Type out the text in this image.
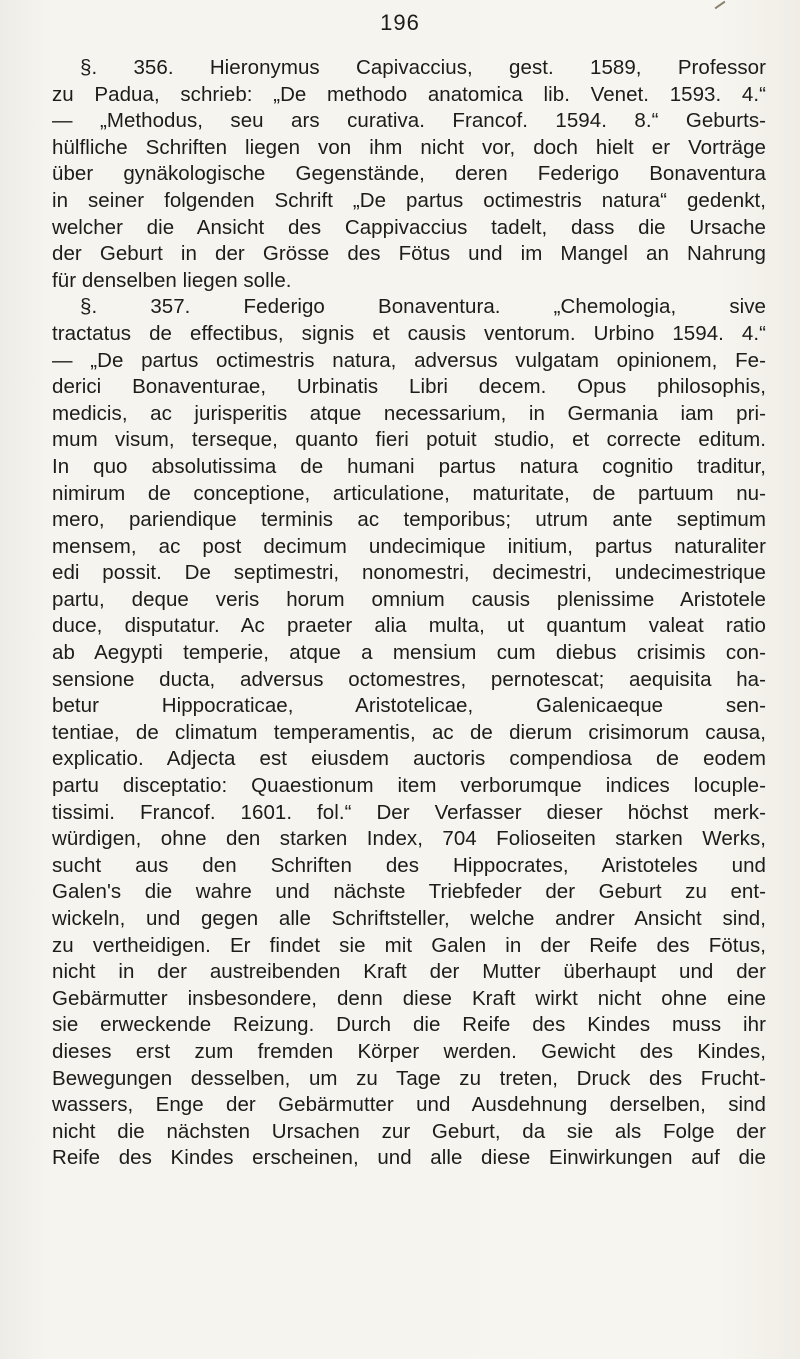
196
§. 356. Hieronymus Capivaccius, gest. 1589, Professor
zu Padua, schrieb: „De methodo anatomica lib. Venet. 1593. 4.“
— „Methodus, seu ars curativa. Francof. 1594. 8.“ Geburts-
hülfliche Schriften liegen von ihm nicht vor, doch hielt er Vorträge
über gynäkologische Gegenstände, deren Federigo Bonaventura
in seiner folgenden Schrift „De partus octimestris natura“ gedenkt,
welcher die Ansicht des Cappivaccius tadelt, dass die Ursache
der Geburt in der Grösse des Fötus und im Mangel an Nahrung
für denselben liegen solle.
§. 357. Federigo Bonaventura. „Chemologia, sive
tractatus de effectibus, signis et causis ventorum. Urbino 1594. 4.“
— „De partus octimestris natura, adversus vulgatam opinionem, Fe-
derici Bonaventurae, Urbinatis Libri decem. Opus philosophis,
medicis, ac jurisperitis atque necessarium, in Germania iam pri-
mum visum, terseque, quanto fieri potuit studio, et correcte editum.
In quo absolutissima de humani partus natura cognitio traditur,
nimirum de conceptione, articulatione, maturitate, de partuum nu-
mero, pariendique terminis ac temporibus; utrum ante septimum
mensem, ac post decimum undecimique initium, partus naturaliter
edi possit. De septimestri, nonomestri, decimestri, undecimestrique
partu, deque veris horum omnium causis plenissime Aristotele
duce, disputatur. Ac praeter alia multa, ut quantum valeat ratio
ab Aegypti temperie, atque a mensium cum diebus crisimis con-
sensione ducta, adversus octomestres, pernotescat; aequisita ha-
betur Hippocraticae, Aristotelicae, Galenicaeque sen-
tentiae, de climatum temperamentis, ac de dierum crisimorum causa,
explicatio. Adjecta est eiusdem auctoris compendiosa de eodem
partu disceptatio: Quaestionum item verborumque indices locuple-
tissimi. Francof. 1601. fol.“ Der Verfasser dieser höchst merk-
würdigen, ohne den starken Index, 704 Folioseiten starken Werks,
sucht aus den Schriften des Hippocrates, Aristoteles und
Galen's die wahre und nächste Triebfeder der Geburt zu ent-
wickeln, und gegen alle Schriftsteller, welche andrer Ansicht sind,
zu vertheidigen. Er findet sie mit Galen in der Reife des Fötus,
nicht in der austreibenden Kraft der Mutter überhaupt und der
Gebärmutter insbesondere, denn diese Kraft wirkt nicht ohne eine
sie erweckende Reizung. Durch die Reife des Kindes muss ihr
dieses erst zum fremden Körper werden. Gewicht des Kindes,
Bewegungen desselben, um zu Tage zu treten, Druck des Frucht-
wassers, Enge der Gebärmutter und Ausdehnung derselben, sind
nicht die nächsten Ursachen zur Geburt, da sie als Folge der
Reife des Kindes erscheinen, und alle diese Einwirkungen auf die
